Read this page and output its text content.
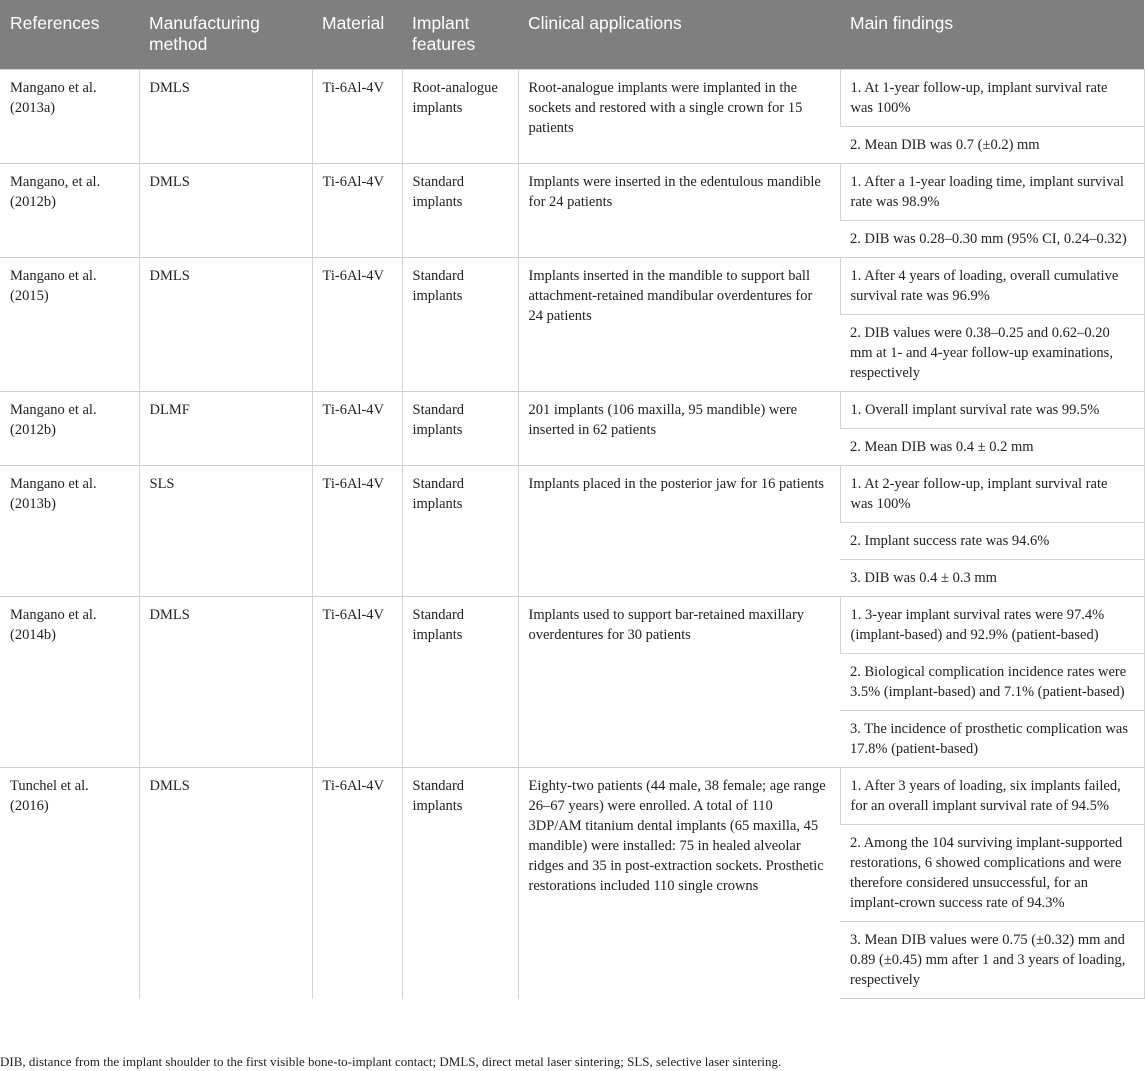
References	Manufacturing method	Material	Implant features	Clinical applications	Main findings
Mangano et al. (2013a)	DMLS	Ti-6Al-4V	Root-analogue implants	Root-analogue implants were implanted in the sockets and restored with a single crown for 15 patients	1. At 1-year follow-up, implant survival rate was 100%
					2. Mean DIB was 0.7 (±0.2) mm
Mangano, et al. (2012b)	DMLS	Ti-6Al-4V	Standard implants	Implants were inserted in the edentulous mandible for 24 patients	1. After a 1-year loading time, implant survival rate was 98.9%
					2. DIB was 0.28–0.30 mm (95% CI, 0.24–0.32)
Mangano et al. (2015)	DMLS	Ti-6Al-4V	Standard implants	Implants inserted in the mandible to support ball attachment-retained mandibular overdentures for 24 patients	1. After 4 years of loading, overall cumulative survival rate was 96.9%
					2. DIB values were 0.38–0.25 and 0.62–0.20 mm at 1- and 4-year follow-up examinations, respectively
Mangano et al. (2012b)	DLMF	Ti-6Al-4V	Standard implants	201 implants (106 maxilla, 95 mandible) were inserted in 62 patients	1. Overall implant survival rate was 99.5%
					2. Mean DIB was 0.4 ± 0.2 mm
Mangano et al. (2013b)	SLS	Ti-6Al-4V	Standard implants	Implants placed in the posterior jaw for 16 patients	1. At 2-year follow-up, implant survival rate was 100%
					2. Implant success rate was 94.6%
					3. DIB was 0.4 ± 0.3 mm
Mangano et al. (2014b)	DMLS	Ti-6Al-4V	Standard implants	Implants used to support bar-retained maxillary overdentures for 30 patients	1. 3-year implant survival rates were 97.4% (implant-based) and 92.9% (patient-based)
					2. Biological complication incidence rates were 3.5% (implant-based) and 7.1% (patient-based)
					3. The incidence of prosthetic complication was 17.8% (patient-based)
Tunchel et al. (2016)	DMLS	Ti-6Al-4V	Standard implants	Eighty-two patients (44 male, 38 female; age range 26–67 years) were enrolled. A total of 110 3DP/AM titanium dental implants (65 maxilla, 45 mandible) were installed: 75 in healed alveolar ridges and 35 in post-extraction sockets. Prosthetic restorations included 110 single crowns	1. After 3 years of loading, six implants failed, for an overall implant survival rate of 94.5%
					2. Among the 104 surviving implant-supported restorations, 6 showed complications and were therefore considered unsuccessful, for an implant-crown success rate of 94.3%
					3. Mean DIB values were 0.75 (±0.32) mm and 0.89 (±0.45) mm after 1 and 3 years of loading, respectively
DIB, distance from the implant shoulder to the first visible bone-to-implant contact; DMLS, direct metal laser sintering; SLS, selective laser sintering.
